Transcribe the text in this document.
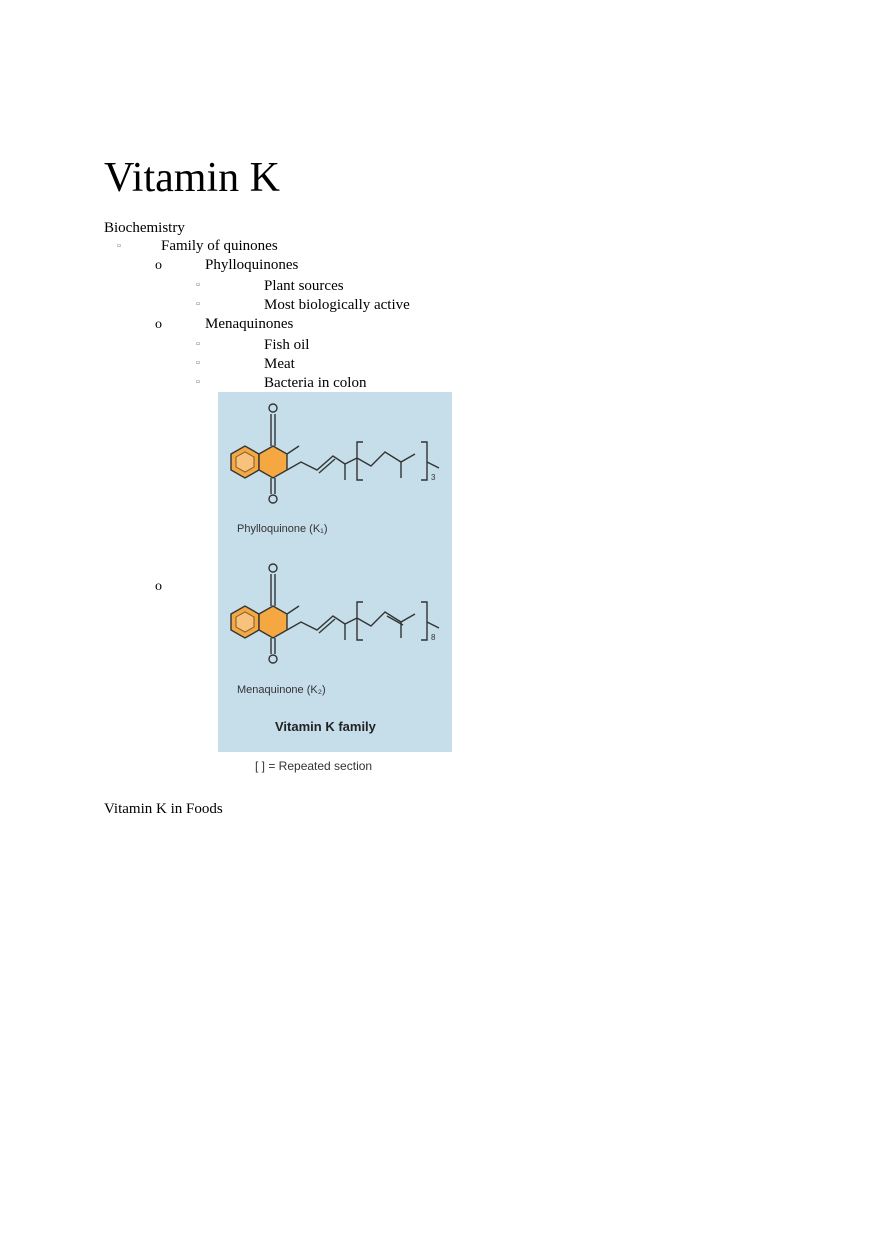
Vitamin K
Biochemistry
▫	Family of quinones
o	Phylloquinones
▫	Plant sources
▫	Most biologically active
o	Menaquinones
▫	Fish oil
▫	Meat
▫	Bacteria in colon
o
3
Phylloquinone (K₁)
8
Menaquinone (K₂)
Vitamin K family
[ ] = Repeated section
Vitamin K in Foods
